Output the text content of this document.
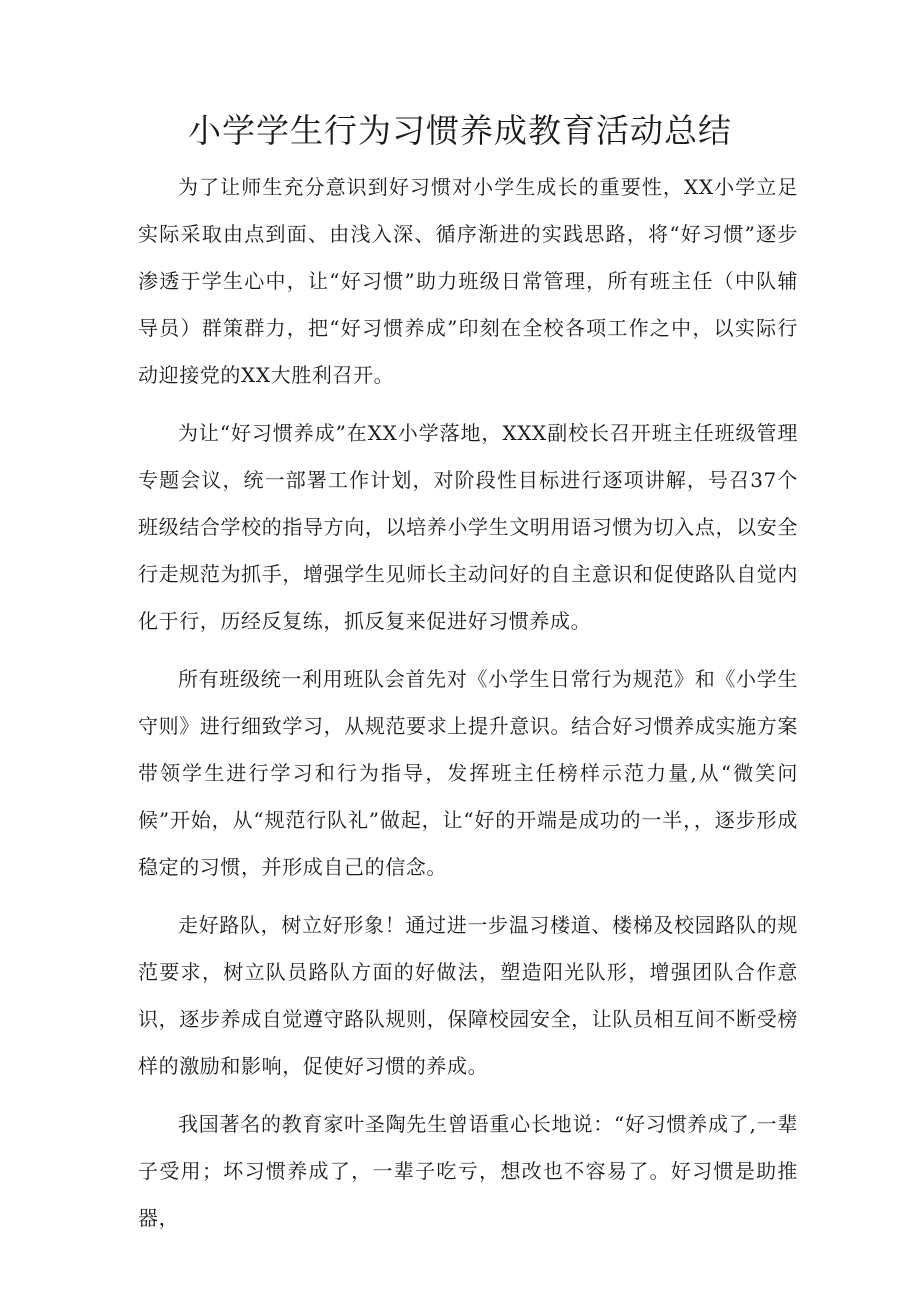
小学学生行为习惯养成教育活动总结

为了让师生充分意识到好习惯对小学生成长的重要性，XX小学立足实际采取由点到面、由浅入深、循序渐进的实践思路，将“好习惯”逐步渗透于学生心中，让“好习惯”助力班级日常管理，所有班主任（中队辅导员）群策群力，把“好习惯养成”印刻在全校各项工作之中，以实际行动迎接党的XX大胜利召开。

为让“好习惯养成”在XX小学落地，XXX副校长召开班主任班级管理专题会议，统一部署工作计划，对阶段性目标进行逐项讲解，号召37个班级结合学校的指导方向，以培养小学生文明用语习惯为切入点，以安全行走规范为抓手，增强学生见师长主动问好的自主意识和促使路队自觉内化于行，历经反复练，抓反复来促进好习惯养成。

所有班级统一利用班队会首先对《小学生日常行为规范》和《小学生守则》进行细致学习，从规范要求上提升意识。结合好习惯养成实施方案带领学生进行学习和行为指导，发挥班主任榜样示范力量,从“微笑问候”开始，从“规范行队礼”做起，让“好的开端是成功的一半，，逐步形成稳定的习惯，并形成自己的信念。

走好路队，树立好形象！通过进一步温习楼道、楼梯及校园路队的规范要求，树立队员路队方面的好做法，塑造阳光队形，增强团队合作意识，逐步养成自觉遵守路队规则，保障校园安全，让队员相互间不断受榜样的激励和影响，促使好习惯的养成。

我国著名的教育家叶圣陶先生曾语重心长地说：“好习惯养成了,一辈子受用；坏习惯养成了，一辈子吃亏，想改也不容易了。好习惯是助推器，
